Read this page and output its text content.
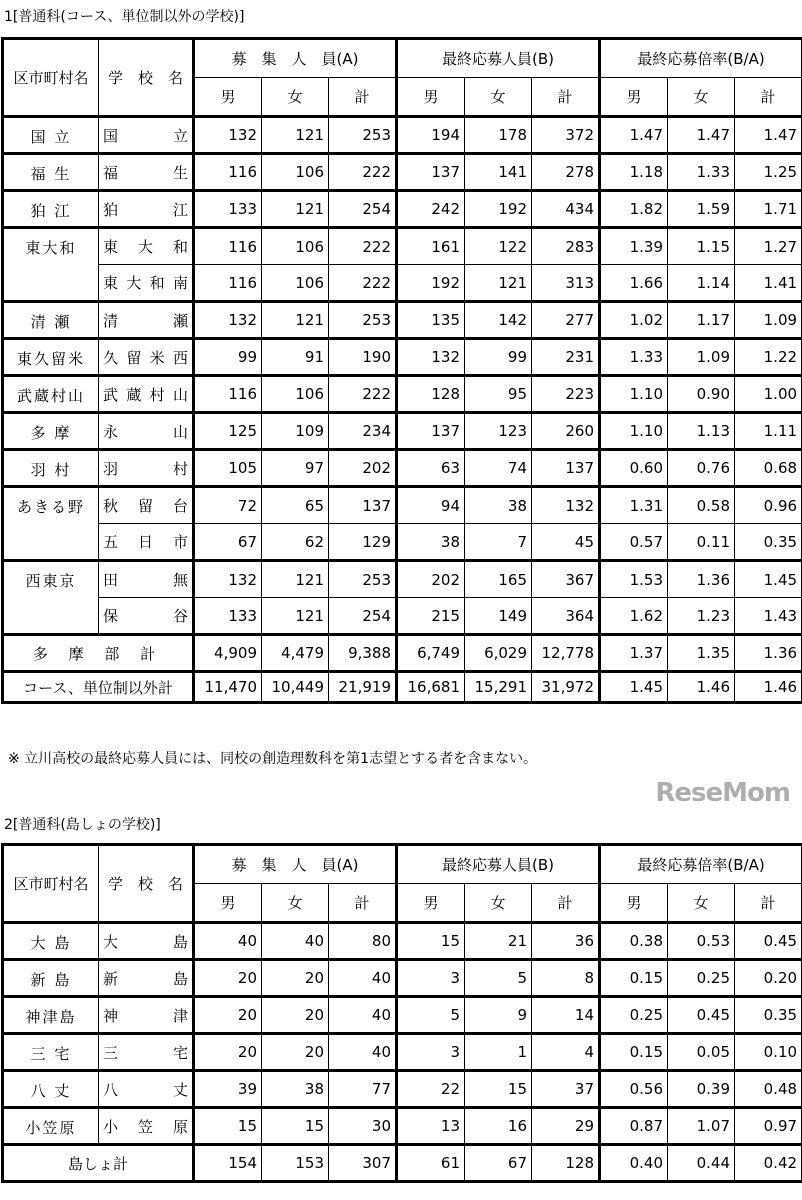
1[普通科(コース、単位制以外の学校)]
区市町村名	学　校　名	募　集　人　員(A)			最終応募人員(B)			最終応募倍率(B/A)		
		男	女	計	男	女	計	男	女	計
国 立	国立	132	121	253	194	178	372	1.47	1.47	1.47
福 生	福生	116	106	222	137	141	278	1.18	1.33	1.25
狛 江	狛江	133	121	254	242	192	434	1.82	1.59	1.71
東大和	東大和	116	106	222	161	122	283	1.39	1.15	1.27
	東大和南	116	106	222	192	121	313	1.66	1.14	1.41
清 瀬	清瀬	132	121	253	135	142	277	1.02	1.17	1.09
東久留米	久留米西	99	91	190	132	99	231	1.33	1.09	1.22
武蔵村山	武蔵村山	116	106	222	128	95	223	1.10	0.90	1.00
多 摩	永山	125	109	234	137	123	260	1.10	1.13	1.11
羽 村	羽村	105	97	202	63	74	137	0.60	0.76	0.68
あきる野	秋留台	72	65	137	94	38	132	1.31	0.58	0.96
	五日市	67	62	129	38	7	45	0.57	0.11	0.35
西東京	田無	132	121	253	202	165	367	1.53	1.36	1.45
	保谷	133	121	254	215	149	364	1.62	1.23	1.43
多 摩 部 計		4,909	4,479	9,388	6,749	6,029	12,778	1.37	1.35	1.36
コース、単位制以外計		11,470	10,449	21,919	16,681	15,291	31,972	1.45	1.46	1.46
※ 立川高校の最終応募人員には、同校の創造理数科を第1志望とする者を含まない。
2[普通科(島しょの学校)]
区市町村名	学　校　名	募　集　人　員(A)			最終応募人員(B)			最終応募倍率(B/A)		
		男	女	計	男	女	計	男	女	計
大 島	大島	40	40	80	15	21	36	0.38	0.53	0.45
新 島	新島	20	20	40	3	5	8	0.15	0.25	0.20
神津島	神津	20	20	40	5	9	14	0.25	0.45	0.35
三 宅	三宅	20	20	40	3	1	4	0.15	0.05	0.10
八 丈	八丈	39	38	77	22	15	37	0.56	0.39	0.48
小笠原	小笠原	15	15	30	13	16	29	0.87	1.07	0.97
島しょ計		154	153	307	61	67	128	0.40	0.44	0.42
ReseMom
